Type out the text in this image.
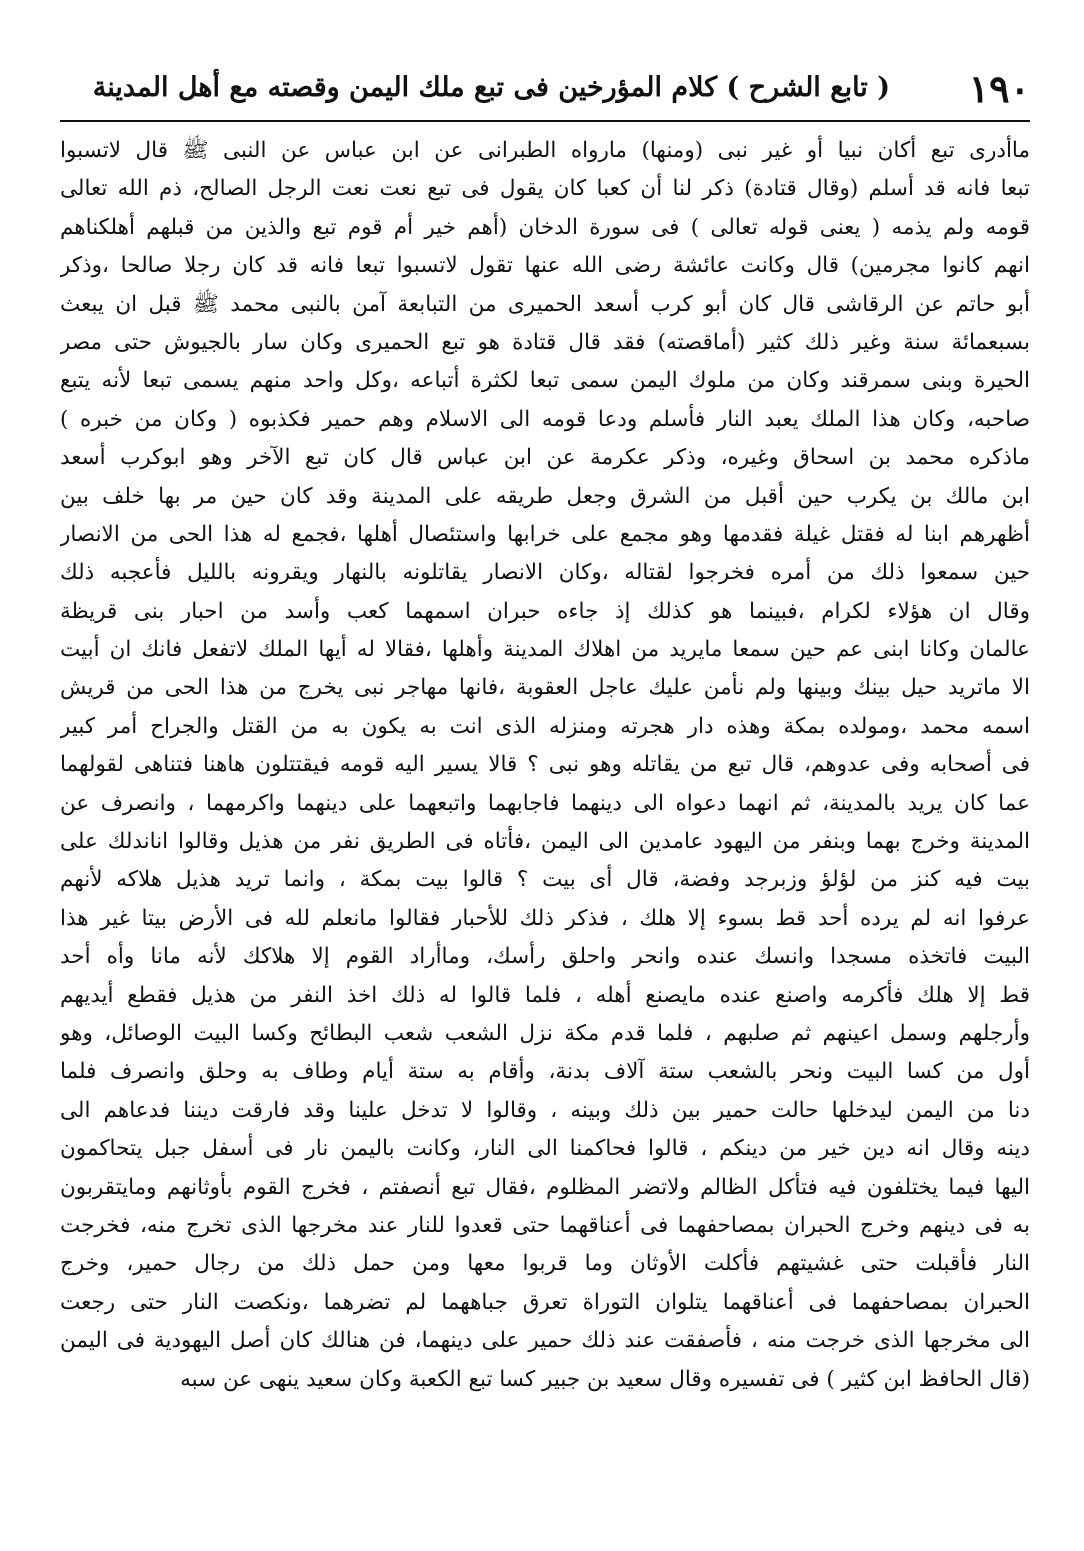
١٩٠
( تابع الشرح ) كلام المؤرخين فى تبع ملك اليمن وقصته مع أهل المدينة
ماأدرى تبع أكان نبيا أو غير نبى (ومنها) مارواه الطبرانى عن ابن عباس عن النبى ﷺ قال لاتسبوا
تبعا فانه قد أسلم (وقال قتادة) ذكر لنا أن كعبا كان يقول فى تبع نعت نعت الرجل الصالح، ذم الله تعالى
قومه ولم يذمه ( يعنى قوله تعالى ) فى سورة الدخان (أهم خير أم قوم تبع والذين من قبلهم أهلكناهم
انهم كانوا مجرمين) قال وكانت عائشة رضى الله عنها تقول لاتسبوا تبعا فانه قد كان رجلا صالحا ،وذكر
أبو حاتم عن الرقاشى قال كان أبو كرب أسعد الحميرى من التبابعة آمن بالنبى محمد ﷺ قبل ان يبعث
بسبعمائة سنة وغير ذلك كثير (أماقصته) فقد قال قتادة هو تبع الحميرى وكان سار بالجيوش حتى مصر
الحيرة وبنى سمرقند وكان من ملوك اليمن سمى تبعا لكثرة أتباعه ،وكل واحد منهم يسمى تبعا لأنه يتبع
صاحبه، وكان هذا الملك يعبد النار فأسلم ودعا قومه الى الاسلام وهم حمير فكذبوه ( وكان من خبره )
ماذكره محمد بن اسحاق وغيره، وذكر عكرمة عن ابن عباس قال كان تبع الآخر وهو ابوكرب أسعد
ابن مالك بن يكرب حين أقبل من الشرق وجعل طريقه على المدينة وقد كان حين مر بها خلف بين
أظهرهم ابنا له فقتل غيلة فقدمها وهو مجمع على خرابها واستئصال أهلها ،فجمع له هذا الحى من الانصار
حين سمعوا ذلك من أمره فخرجوا لقتاله ،وكان الانصار يقاتلونه بالنهار ويقرونه بالليل فأعجبه ذلك
وقال ان هؤلاء لكرام ،فبينما هو كذلك إذ جاءه حبران اسمهما كعب وأسد من احبار بنى قريظة
عالمان وكانا ابنى عم حين سمعا مايريد من اهلاك المدينة وأهلها ،فقالا له أيها الملك لاتفعل فانك ان أبيت
الا ماتريد حيل بينك وبينها ولم نأمن عليك عاجل العقوبة ،فانها مهاجر نبى يخرج من هذا الحى من قريش
اسمه محمد ،ومولده بمكة وهذه دار هجرته ومنزله الذى انت به يكون به من القتل والجراح أمر كبير
فى أصحابه وفى عدوهم، قال تبع من يقاتله وهو نبى ؟ قالا يسير اليه قومه فيقتتلون هاهنا فتناهى لقولهما
عما كان يريد بالمدينة، ثم انهما دعواه الى دينهما فاجابهما واتبعهما على دينهما واكرمهما ، وانصرف عن
المدينة وخرج بهما وبنفر من اليهود عامدين الى اليمن ،فأتاه فى الطريق نفر من هذيل وقالوا اناندلك على
بيت فيه كنز من لؤلؤ وزبرجد وفضة، قال أى بيت ؟ قالوا بيت بمكة ، وانما تريد هذيل هلاكه لأنهم
عرفوا انه لم يرده أحد قط بسوء إلا هلك ، فذكر ذلك للأحبار فقالوا مانعلم لله فى الأرض بيتا غير هذا
البيت فاتخذه مسجدا وانسك عنده وانحر واحلق رأسك، وماأراد القوم إلا هلاكك لأنه مانا وأه أحد
قط إلا هلك فأكرمه واصنع عنده مايصنع أهله ، فلما قالوا له ذلك اخذ النفر من هذيل فقطع أيديهم
وأرجلهم وسمل اعينهم ثم صلبهم ، فلما قدم مكة نزل الشعب شعب البطائح وكسا البيت الوصائل، وهو
أول من كسا البيت ونحر بالشعب ستة آلاف بدنة، وأقام به ستة أيام وطاف به وحلق وانصرف فلما
دنا من اليمن ليدخلها حالت حمير بين ذلك وبينه ، وقالوا لا تدخل علينا وقد فارقت ديننا فدعاهم الى
دينه وقال انه دين خير من دينكم ، قالوا فحاكمنا الى النار، وكانت باليمن نار فى أسفل جبل يتحاكمون
اليها فيما يختلفون فيه فتأكل الظالم ولاتضر المظلوم ،فقال تبع أنصفتم ، فخرج القوم بأوثانهم ومايتقربون
به فى دينهم وخرج الحبران بمصاحفهما فى أعناقهما حتى قعدوا للنار عند مخرجها الذى تخرج منه، فخرجت
النار فأقبلت حتى غشيتهم فأكلت الأوثان وما قربوا معها ومن حمل ذلك من رجال حمير، وخرج
الحبران بمصاحفهما فى أعناقهما يتلوان التوراة تعرق جباههما لم تضرهما ،ونكصت النار حتى رجعت
الى مخرجها الذى خرجت منه ، فأصفقت عند ذلك حمير على دينهما، فن هنالك كان أصل اليهودية فى اليمن
(قال الحافظ ابن كثير ) فى تفسيره وقال سعيد بن جبير كسا تبع الكعبة وكان سعيد ينهى عن سبه
